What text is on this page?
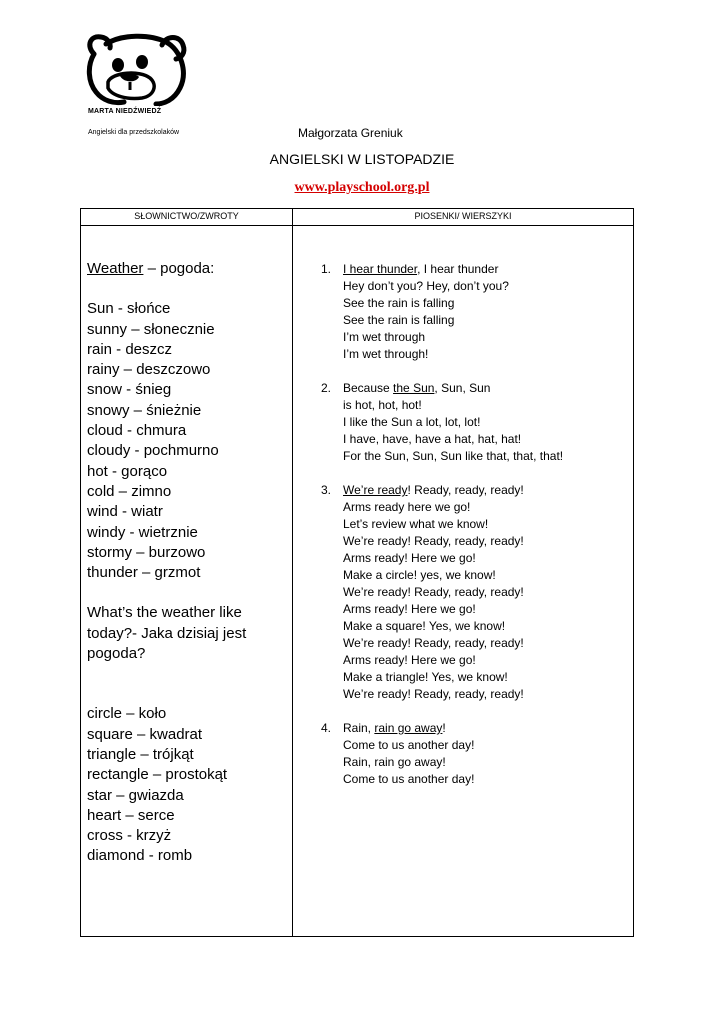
MARTA NIEDŹWIEDŹ
Angielski dla przedszkolaków	Małgorzata Greniuk
ANGIELSKI W LISTOPADZIE
www.playschool.org.pl
SŁOWNICTWO/ZWROTY	PIOSENKI/ WIERSZYKI
Weather – pogoda:
Sun - słońce
sunny – słonecznie
rain - deszcz
rainy – deszczowo
snow - śnieg
snowy – śnieżnie
cloud - chmura
cloudy - pochmurno
hot - gorąco
cold – zimno
wind - wiatr
windy - wietrznie
stormy – burzowo
thunder – grzmot
What’s the weather like
today?- Jaka dzisiaj jest
pogoda?
circle – koło
square – kwadrat
triangle – trójkąt
rectangle – prostokąt
star – gwiazda
heart – serce
cross - krzyż
diamond - romb
1. I hear thunder, I hear thunder
Hey don’t you? Hey, don’t you?
See the rain is falling
See the rain is falling
I’m wet through
I’m wet through!
2. Because the Sun, Sun, Sun
is hot, hot, hot!
I like the Sun a lot, lot, lot!
I have, have, have a hat, hat, hat!
For the Sun, Sun, Sun like that, that, that!
3. We’re ready! Ready, ready, ready!
Arms ready here we go!
Let’s review what we know!
We’re ready! Ready, ready, ready!
Arms ready! Here we go!
Make a circle! yes, we know!
We’re ready! Ready, ready, ready!
Arms ready! Here we go!
Make a square! Yes, we know!
We’re ready! Ready, ready, ready!
Arms ready! Here we go!
Make a triangle! Yes, we know!
We’re ready! Ready, ready, ready!
4. Rain, rain go away!
Come to us another day!
Rain, rain go away!
Come to us another day!
